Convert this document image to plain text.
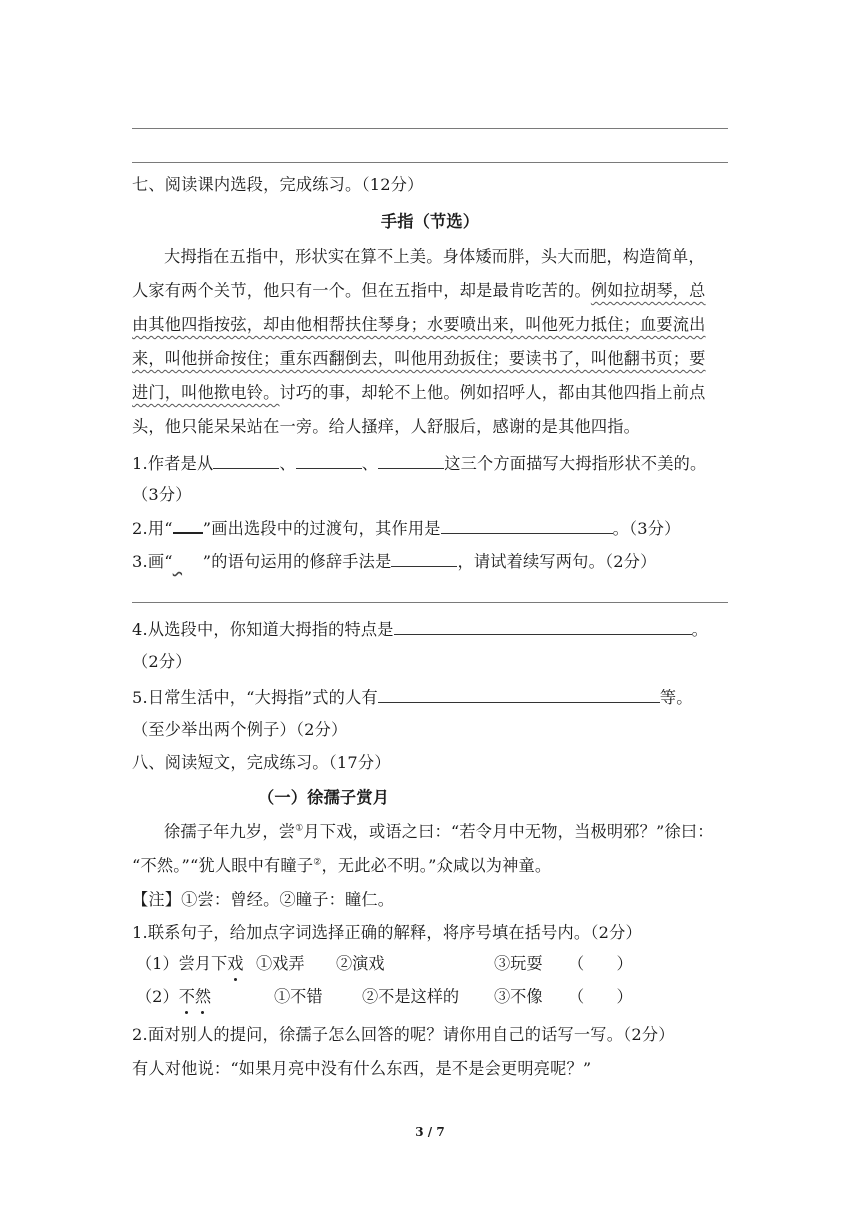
七、阅读课内选段，完成练习。（12分）
手指（节选）
大拇指在五指中，形状实在算不上美。身体矮而胖，头大而肥，构造简单，
人家有两个关节，他只有一个。但在五指中，却是最肯吃苦的。例如拉胡琴，总
由其他四指按弦，却由他相帮扶住琴身；水要喷出来，叫他死力抵住；血要流出
来，叫他拼命按住；重东西翻倒去，叫他用劲扳住；要读书了，叫他翻书页；要
进门，叫他揿电铃。讨巧的事，却轮不上他。例如招呼人，都由其他四指上前点
头，他只能呆呆站在一旁。给人搔痒，人舒服后，感谢的是其他四指。
1.作者是从	、	、	这三个方面描写大拇指形状不美的。
（3分）
2.用“ ”画出选段中的过渡句，其作用是	。（3分）
3.画“ ”的语句运用的修辞手法是	，请试着续写两句。（2分）
4.从选段中，你知道大拇指的特点是	。
（2分）
5.日常生活中，“大拇指”式的人有	等。
（至少举出两个例子）（2分）
八、阅读短文，完成练习。（17分）
（一）徐孺子赏月
徐孺子年九岁，尝①月下戏，或语之曰：“若令月中无物，当极明邪？”徐曰：
“不然。”“犹人眼中有瞳子②，无此必不明。”众咸以为神童。
【注】①尝：曾经。②瞳子：瞳仁。
1.联系句子，给加点字词选择正确的解释，将序号填在括号内。（2分）
（1）尝月下戏 ①戏弄 ②演戏	③玩耍 （　　）
（2）不然	①不错 ②不是这样的 ③不像 （　　）
2.面对别人的提问，徐孺子怎么回答的呢？请你用自己的话写一写。（2分）
有人对他说：“如果月亮中没有什么东西，是不是会更明亮呢？”
3 / 7
